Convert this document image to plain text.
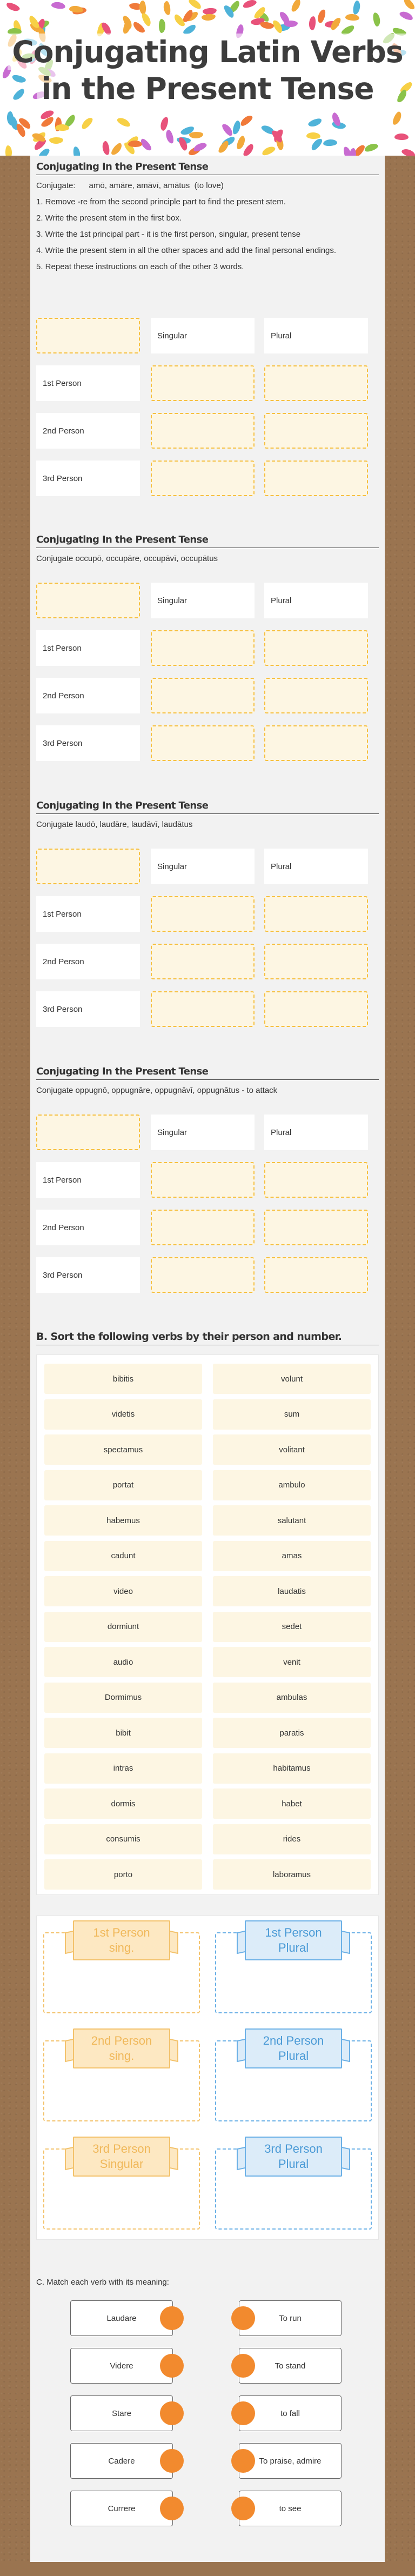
Conjugating Latin Verbs
in the Present Tense
Conjugating In the Present Tense
Conjugate:      amō, amāre, amāvī, amātus  (to love)
1. Remove -re from the second principle part to find the present stem.
2. Write the present stem in the first box.
3. Write the 1st principal part - it is the first person, singular, present tense
4. Write the present stem in all the other spaces and add the final personal endings.
5. Repeat these instructions on each of the other 3 words.
Singular	Plural
1st Person
2nd Person
3rd Person
Conjugating In the Present Tense
Conjugate occupō, occupāre, occupāvī, occupātus
Singular	Plural
1st Person
2nd Person
3rd Person
Conjugating In the Present Tense
Conjugate laudō, laudāre, laudāvī, laudātus
Singular	Plural
1st Person
2nd Person
3rd Person
Conjugating In the Present Tense
Conjugate oppugnō, oppugnāre, oppugnāvī, oppugnātus - to attack
Singular	Plural
1st Person
2nd Person
3rd Person
B. Sort the following verbs by their person and number.
bibitis	volunt
videtis	sum
spectamus	volitant
portat	ambulo
habemus	salutant
cadunt	amas
video	laudatis
dormiunt	sedet
audio	venit
Dormimus	ambulas
bibit	paratis
intras	habitamus
dormis	habet
consumis	rides
porto	laboramus
1st Person
sing.
1st Person
Plural
2nd Person
sing.
2nd Person
Plural
3rd Person
Singular
3rd Person
Plural
C. Match each verb with its meaning:
Laudare	To run
Videre	To stand
Stare	to fall
Cadere	To praise, admire
Currere	to see
